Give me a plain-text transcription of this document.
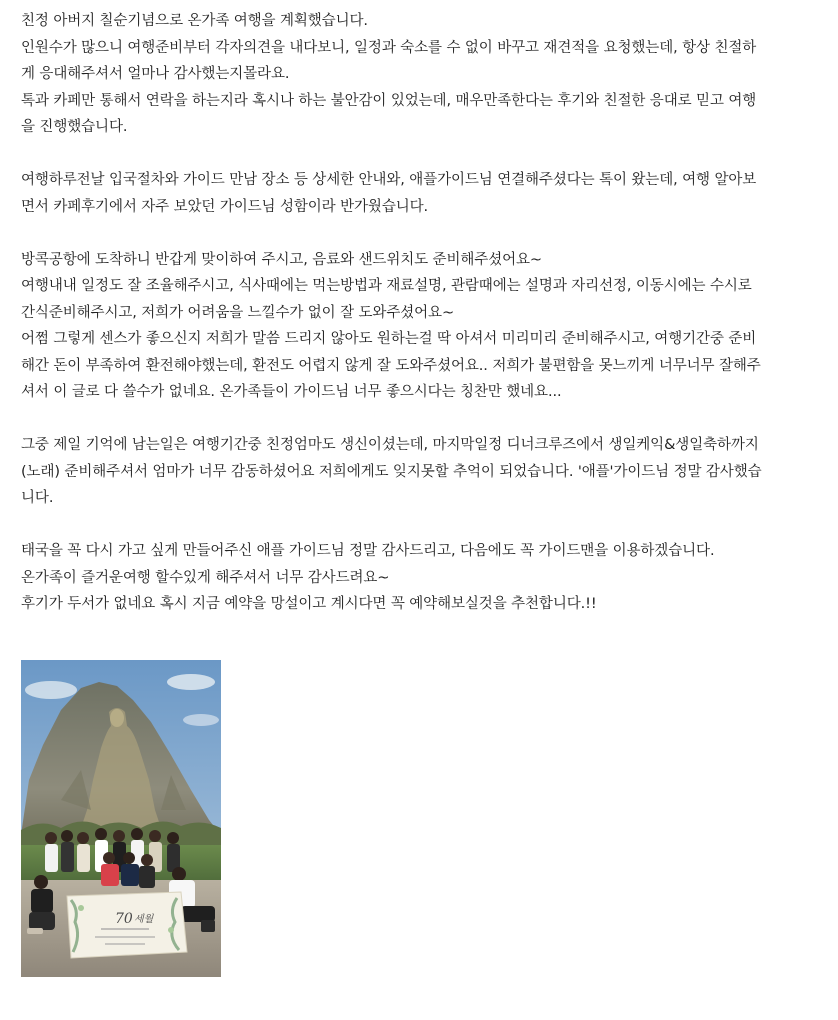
친정 아버지 칠순기념으로 온가족 여행을 계획했습니다.
인원수가 많으니 여행준비부터 각자의견을 내다보니, 일정과 숙소를 수 없이 바꾸고 재견적을 요청했는데, 항상 친절하
게 응대해주셔서 얼마나 감사했는지몰라요.
톡과 카페만 통해서 연락을 하는지라 혹시나 하는 불안감이 있었는데, 매우만족한다는 후기와 친절한 응대로 믿고 여행
을 진행했습니다.
여행하루전날 입국절차와 가이드 만남 장소 등 상세한 안내와, 애플가이드님 연결해주셨다는 톡이 왔는데, 여행 알아보
면서 카페후기에서 자주 보았던 가이드님 성함이라 반가웠습니다.
방콕공항에 도착하니 반갑게 맞이하여 주시고, 음료와 샌드위치도 준비해주셨어요~
여행내내 일정도 잘 조율해주시고, 식사때에는 먹는방법과 재료설명, 관람때에는 설명과 자리선정, 이동시에는 수시로
간식준비해주시고, 저희가 어려움을 느낄수가 없이 잘 도와주셨어요~
어쩜 그렇게 센스가 좋으신지 저희가 말씀 드리지 않아도 원하는걸 딱 아셔서 미리미리 준비해주시고, 여행기간중 준비
해간 돈이 부족하여 환전해야했는데, 환전도 어렵지 않게 잘 도와주셨어요.. 저희가 불편함을 못느끼게 너무너무 잘해주
셔서 이 글로 다 쓸수가 없네요. 온가족들이 가이드님 너무 좋으시다는 칭찬만 했네요...
그중 제일 기억에 남는일은 여행기간중 친정엄마도 생신이셨는데, 마지막일정 디너크루즈에서 생일케익&생일축하까지
(노래) 준비해주셔서 엄마가 너무 감동하셨어요 저희에게도 잊지못할 추억이 되었습니다. '애플'가이드님 정말 감사했습
니다.
태국을 꼭 다시 가고 싶게 만들어주신 애플 가이드님 정말 감사드리고, 다음에도 꼭 가이드맨을 이용하겠습니다.
온가족이 즐거운여행 할수있게 해주셔서 너무 감사드려요~
후기가 두서가 없네요 혹시 지금 예약을 망설이고 계시다면 꼭 예약해보실것을 추천합니다.!!
70 세월
